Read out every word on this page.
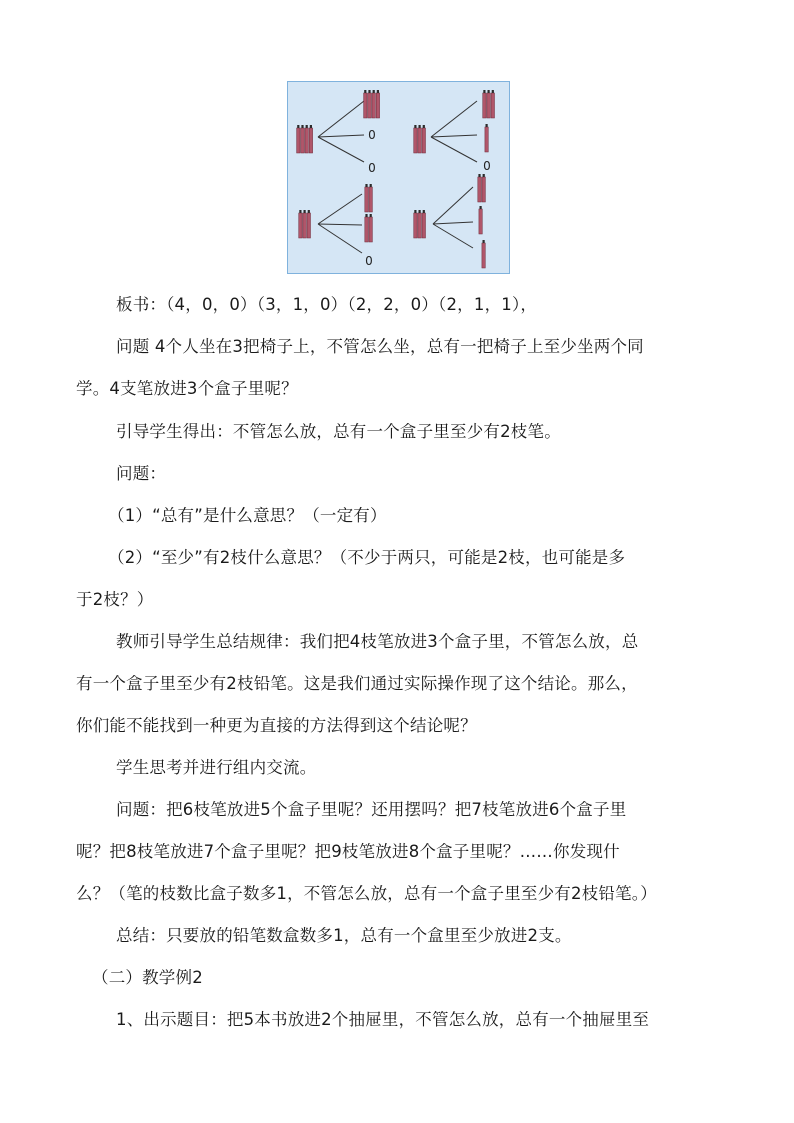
0
0	0
0
板书：（4，0，0）（3，1，0）（2，2，0）（2，1，1），
问题 4个人坐在3把椅子上，不管怎么坐，总有一把椅子上至少坐两个同
学。4支笔放进3个盒子里呢？
引导学生得出：不管怎么放，总有一个盒子里至少有2枝笔。
问题：
（1）“总有”是什么意思？（一定有）
（2）“至少”有2枝什么意思？（不少于两只，可能是2枝，也可能是多
于2枝？）
教师引导学生总结规律：我们把4枝笔放进3个盒子里，不管怎么放，总
有一个盒子里至少有2枝铅笔。这是我们通过实际操作现了这个结论。那么，
你们能不能找到一种更为直接的方法得到这个结论呢？
学生思考并进行组内交流。
问题：把6枝笔放进5个盒子里呢？还用摆吗？把7枝笔放进6个盒子里
呢？把8枝笔放进7个盒子里呢？把9枝笔放进8个盒子里呢？……你发现什
么？（笔的枝数比盒子数多1，不管怎么放，总有一个盒子里至少有2枝铅笔。）
总结：只要放的铅笔数盒数多1，总有一个盒里至少放进2支。
（二）教学例2
1、出示题目：把5本书放进2个抽屉里，不管怎么放，总有一个抽屉里至
